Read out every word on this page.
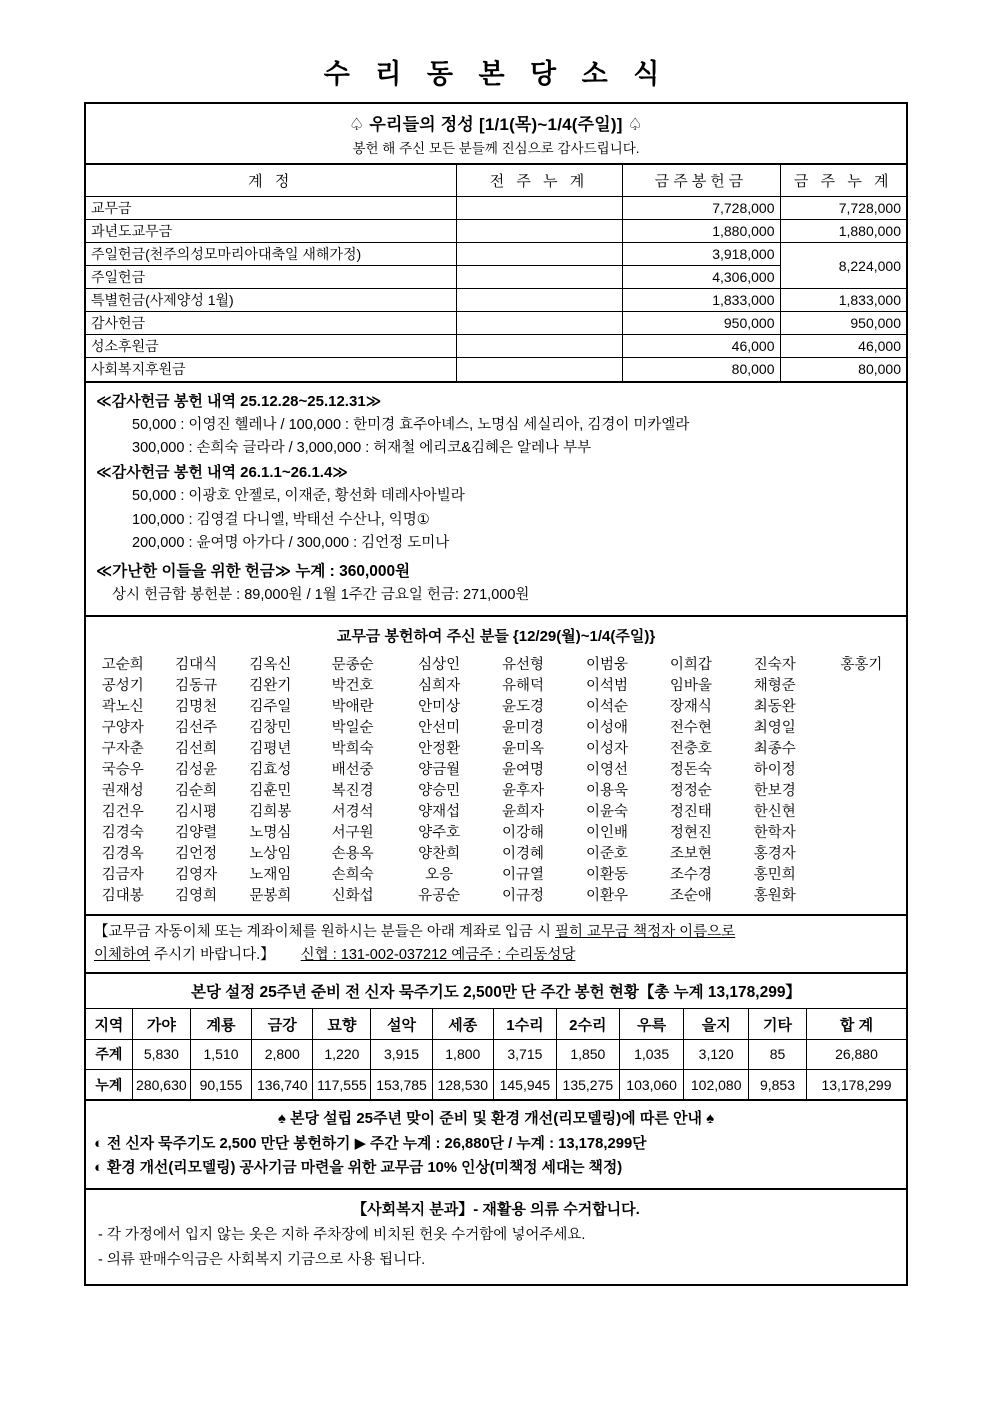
수 리 동 본 당 소 식
♤ 우리들의 정성 [1/1(목)~1/4(주일)] ♤
봉헌 해 주신 모든 분들께 진심으로 감사드립니다.
계 정	전 주 누 계	금주봉헌금	금 주 누 계
교무금		7,728,000	7,728,000
과년도교무금		1,880,000	1,880,000
주일헌금(천주의성모마리아대축일 새해가정)		3,918,000	8,224,000
주일헌금		4,306,000	
특별헌금(사제양성 1월)		1,833,000	1,833,000
감사헌금		950,000	950,000
성소후원금		46,000	46,000
사회복지후원금		80,000	80,000
≪감사헌금 봉헌 내역 25.12.28~25.12.31≫
50,000 : 이영진 헬레나 / 100,000 : 한미경 효주아녜스, 노명심 세실리아, 김경이 미카엘라
300,000 : 손희숙 글라라 / 3,000,000 : 허재철 에리코&김혜은 알레나 부부
≪감사헌금 봉헌 내역 26.1.1~26.1.4≫
50,000 : 이광호 안젤로, 이재준, 황선화 데레사아빌라
100,000 : 김영걸 다니엘, 박태선 수산나, 익명①
200,000 : 윤여명 아가다 / 300,000 : 김언정 도미나
≪가난한 이들을 위한 헌금≫ 누계 : 360,000원
상시 헌금함 봉헌분 : 89,000원 / 1월 1주간 금요일 헌금: 271,000원
교무금 봉헌하여 주신 분들 {12/29(월)~1/4(주일)}
고순희	김대식	김옥신	문종순	심상인	유선형	이범웅	이희갑	진숙자	홍홍기
공성기	김동규	김완기	박건호	심희자	유해덕	이석범	임바울	채형준	
곽노신	김명천	김주일	박애란	안미상	윤도경	이석순	장재식	최동완	
구양자	김선주	김창민	박일순	안선미	윤미경	이성애	전수현	최영일	
구자춘	김선희	김평년	박희숙	안정환	윤미옥	이성자	전충호	최종수	
국승우	김성윤	김효성	배선중	양금월	윤여명	이영선	정돈숙	하이정	
권재성	김순희	김훈민	복진경	양승민	윤후자	이용욱	정정순	한보경	
김건우	김시평	김희봉	서경석	양재섭	윤희자	이윤숙	정진태	한신현	
김경숙	김양렬	노명심	서구원	양주호	이강해	이인배	정현진	한학자	
김경옥	김언정	노상임	손용옥	양찬희	이경혜	이준호	조보현	홍경자	
김금자	김영자	노재임	손희숙	오응	이규열	이환동	조수경	홍민희	
김대봉	김영희	문봉희	신화섭	유공순	이규정	이환우	조순애	홍원화	
【교무금 자동이체 또는 계좌이체를 원하시는 분들은 아래 계좌로 입금 시 필히 교무금 책정자 이름으로
이체하여 주시기 바랍니다.】 신협 : 131-002-037212 예금주 : 수리동성당
본당 설정 25주년 준비 전 신자 묵주기도 2,500만 단 주간 봉헌 현황【총 누계 13,178,299】
지역	가야	계룡	금강	묘향	설악	세종	1수리	2수리	우륵	을지	기타	합 계
주계	5,830	1,510	2,800	1,220	3,915	1,800	3,715	1,850	1,035	3,120	85	26,880
누계	280,630	90,155	136,740	117,555	153,785	128,530	145,945	135,275	103,060	102,080	9,853	13,178,299
♠ 본당 설립 25주년 맞이 준비 및 환경 개선(리모델링)에 따른 안내 ♠
◐ 전 신자 묵주기도 2,500 만단 봉헌하기 ▶ 주간 누계 : 26,880단 / 누계 : 13,178,299단
◐ 환경 개선(리모델링) 공사기금 마련을 위한 교무금 10% 인상(미책정 세대는 책정)
【사회복지 분과】- 재활용 의류 수거합니다.
- 각 가정에서 입지 않는 옷은 지하 주차장에 비치된 헌옷 수거함에 넣어주세요.
- 의류 판매수익금은 사회복지 기금으로 사용 됩니다.
